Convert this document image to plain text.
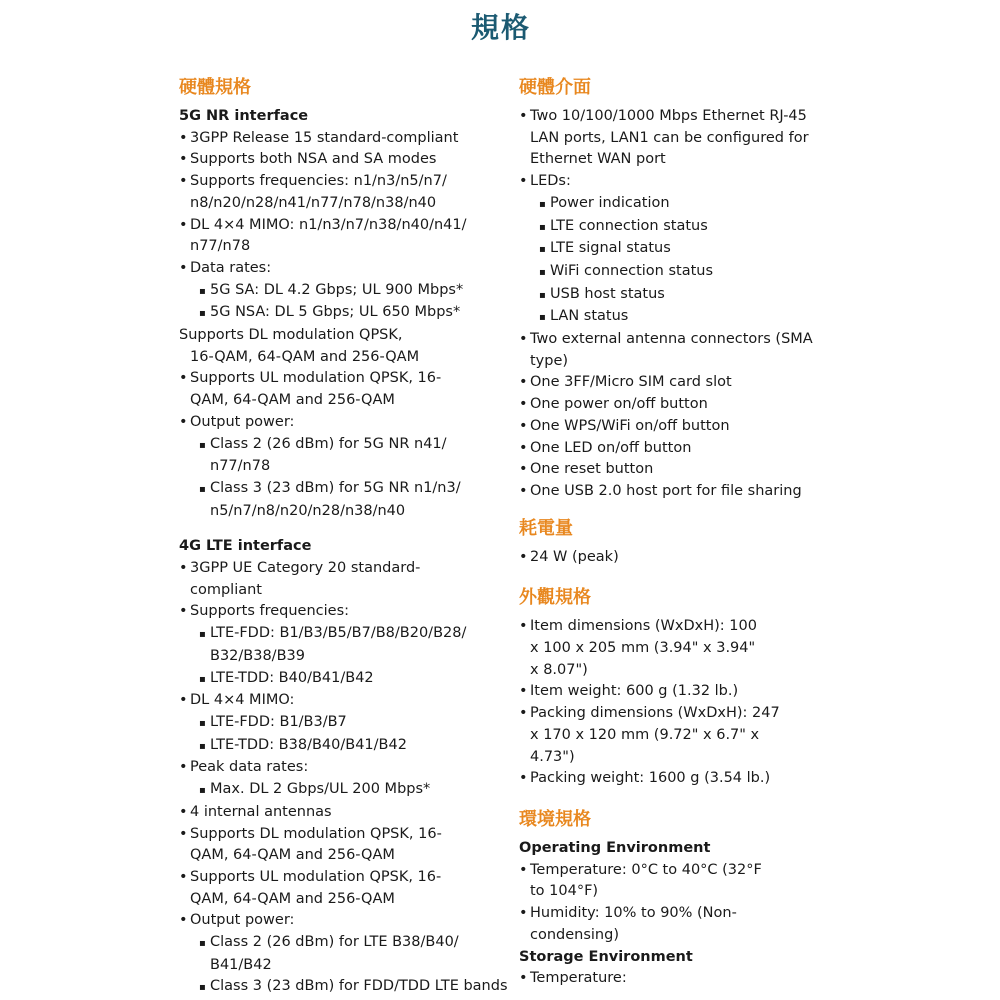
規格
硬體規格
5G NR interface
• 3GPP Release 15 standard-compliant
• Supports both NSA and SA modes
• Supports frequencies: n1/n3/n5/n7/ n8/n20/n28/n41/n77/n78/n38/n40
• DL 4×4 MIMO: n1/n3/n7/n38/n40/n41/ n77/n78
• Data rates:
▪ 5G SA: DL 4.2 Gbps; UL 900 Mbps*
▪ 5G NSA: DL 5 Gbps; UL 650 Mbps*
Supports DL modulation QPSK,
16-QAM, 64-QAM and 256-QAM
• Supports UL modulation QPSK, 16-QAM, 64-QAM and 256-QAM
• Output power:
▪ Class 2 (26 dBm) for 5G NR n41/ n77/n78
▪ Class 3 (23 dBm) for 5G NR n1/n3/ n5/n7/n8/n20/n28/n38/n40
4G LTE interface
• 3GPP UE Category 20 standard-compliant
• Supports frequencies:
▪ LTE-FDD: B1/B3/B5/B7/B8/B20/B28/ B32/B38/B39
▪ LTE-TDD: B40/B41/B42
• DL 4×4 MIMO:
▪ LTE-FDD: B1/B3/B7
▪ LTE-TDD: B38/B40/B41/B42
• Peak data rates:
▪ Max. DL 2 Gbps/UL 200 Mbps*
• 4 internal antennas
• Supports DL modulation QPSK, 16-QAM, 64-QAM and 256-QAM
• Supports UL modulation QPSK, 16-QAM, 64-QAM and 256-QAM
• Output power:
▪ Class 2 (26 dBm) for LTE B38/B40/ B41/B42
▪ Class 3 (23 dBm) for FDD/TDD LTE bands
硬體介面
• Two 10/100/1000 Mbps Ethernet RJ-45 LAN ports, LAN1 can be configured for Ethernet WAN port
• LEDs:
▪ Power indication
▪ LTE connection status
▪ LTE signal status
▪ WiFi connection status
▪ USB host status
▪ LAN status
• Two external antenna connectors (SMA type)
• One 3FF/Micro SIM card slot
• One power on/off button
• One WPS/WiFi on/off button
• One LED on/off button
• One reset button
• One USB 2.0 host port for file sharing
耗電量
• 24 W (peak)
外觀規格
• Item dimensions (WxDxH): 100 x 100 x 205 mm (3.94" x 3.94" x 8.07")
• Item weight: 600 g (1.32 lb.)
• Packing dimensions (WxDxH): 247 x 170 x 120 mm (9.72" x 6.7" x 4.73")
• Packing weight: 1600 g (3.54 lb.)
環境規格
Operating Environment
• Temperature: 0°C to 40°C (32°F to 104°F)
• Humidity: 10% to 90% (Non-condensing)
Storage Environment
• Temperature:
